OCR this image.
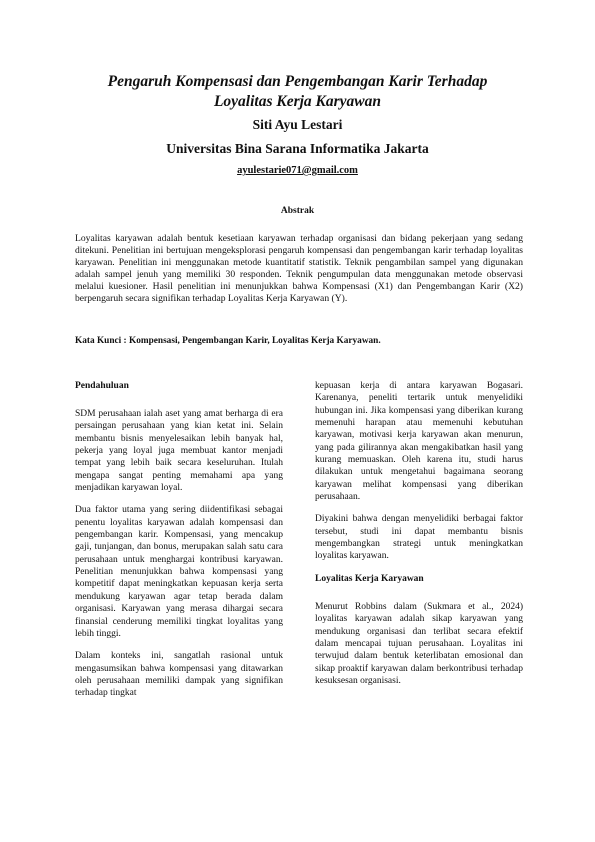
Pengaruh Kompensasi dan Pengembangan Karir Terhadap
Loyalitas Kerja Karyawan
Siti Ayu Lestari
Universitas Bina Sarana Informatika Jakarta
ayulestarie071@gmail.com
Abstrak

Loyalitas karyawan adalah bentuk kesetiaan karyawan terhadap organisasi dan bidang pekerjaan yang sedang ditekuni. Penelitian ini bertujuan mengeksplorasi pengaruh kompensasi dan pengembangan karir terhadap loyalitas karyawan. Penelitian ini menggunakan metode kuantitatif statistik. Teknik pengambilan sampel yang digunakan adalah sampel jenuh yang memiliki 30 responden. Teknik pengumpulan data menggunakan metode observasi melalui kuesioner. Hasil penelitian ini menunjukkan bahwa Kompensasi (X1) dan Pengembangan Karir (X2) berpengaruh secara signifikan terhadap Loyalitas Kerja Karyawan (Y).

Kata Kunci : Kompensasi, Pengembangan Karir, Loyalitas Kerja Karyawan.

Pendahuluan

SDM perusahaan ialah aset yang amat berharga di era persaingan perusahaan yang kian ketat ini. Selain membantu bisnis menyelesaikan lebih banyak hal, pekerja yang loyal juga membuat kantor menjadi tempat yang lebih baik secara keseluruhan. Itulah mengapa sangat penting memahami apa yang menjadikan karyawan loyal.

Dua faktor utama yang sering diidentifikasi sebagai penentu loyalitas karyawan adalah kompensasi dan pengembangan karir. Kompensasi, yang mencakup gaji, tunjangan, dan bonus, merupakan salah satu cara perusahaan untuk menghargai kontribusi karyawan. Penelitian menunjukkan bahwa kompensasi yang kompetitif dapat meningkatkan kepuasan kerja serta mendukung karyawan agar tetap berada dalam organisasi. Karyawan yang merasa dihargai secara finansial cenderung memiliki tingkat loyalitas yang lebih tinggi.

Dalam konteks ini, sangatlah rasional untuk mengasumsikan bahwa kompensasi yang ditawarkan oleh perusahaan memiliki dampak yang signifikan terhadap tingkat

kepuasan kerja di antara karyawan Bogasari. Karenanya, peneliti tertarik untuk menyelidiki hubungan ini. Jika kompensasi yang diberikan kurang memenuhi harapan atau memenuhi kebutuhan karyawan, motivasi kerja karyawan akan menurun, yang pada gilirannya akan mengakibatkan hasil yang kurang memuaskan. Oleh karena itu, studi harus dilakukan untuk mengetahui bagaimana seorang karyawan melihat kompensasi yang diberikan perusahaan.

Diyakini bahwa dengan menyelidiki berbagai faktor tersebut, studi ini dapat membantu bisnis mengembangkan strategi untuk meningkatkan loyalitas karyawan.

Loyalitas Kerja Karyawan

Menurut Robbins dalam (Sukmara et al., 2024) loyalitas karyawan adalah sikap karyawan yang mendukung organisasi dan terlibat secara efektif dalam mencapai tujuan perusahaan. Loyalitas ini terwujud dalam bentuk keterlibatan emosional dan sikap proaktif karyawan dalam berkontribusi terhadap kesuksesan organisasi.
